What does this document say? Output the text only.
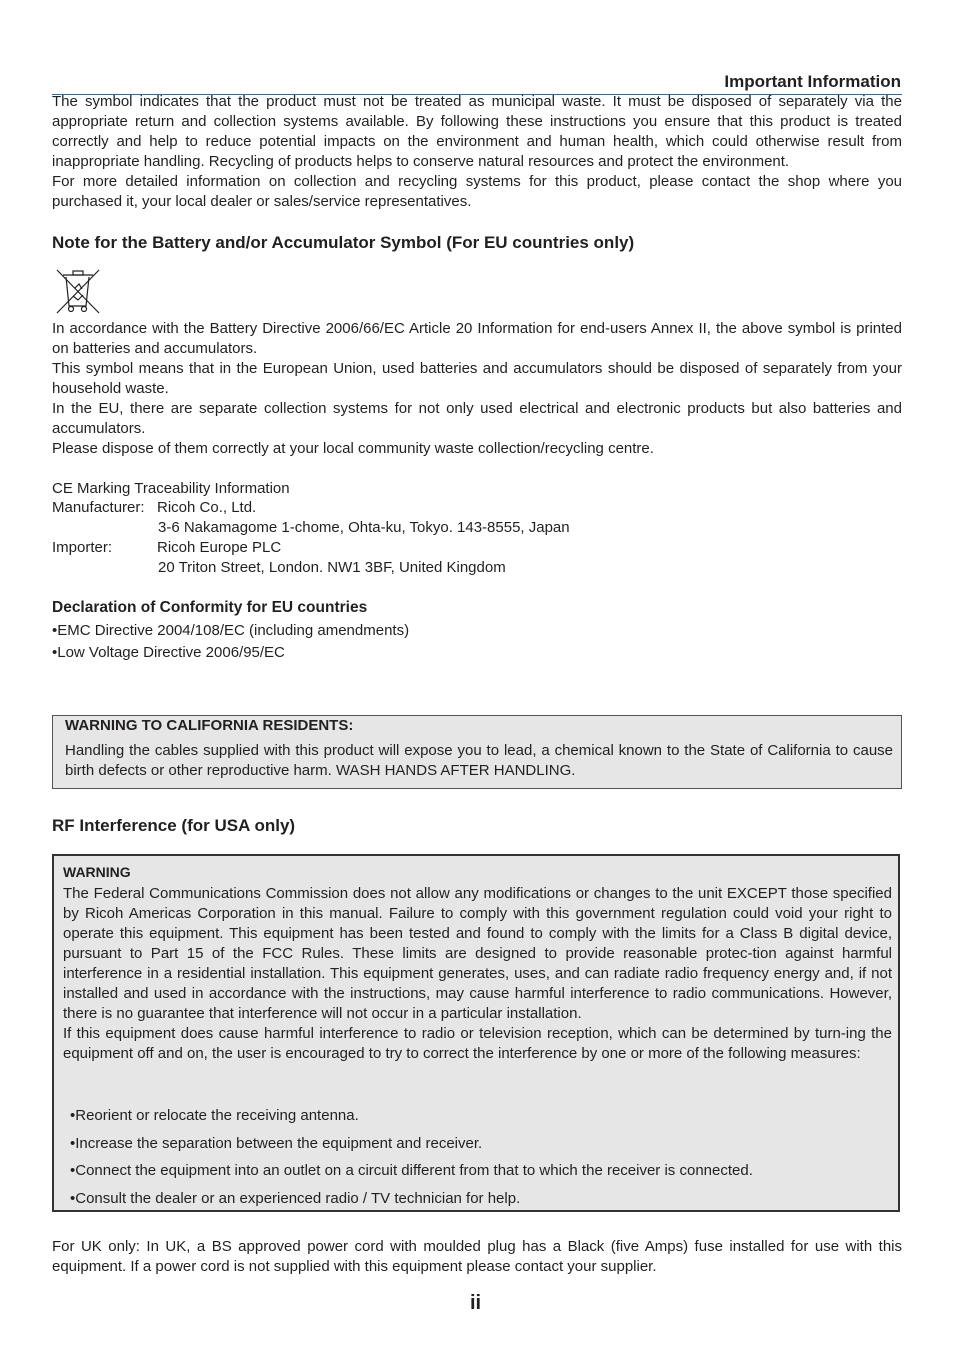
Important Information

The symbol indicates that the product must not be treated as municipal waste. It must be disposed of separately via the appropriate return and collection systems available. By following these instructions you ensure that this product is treated correctly and help to reduce potential impacts on the environment and human health, which could otherwise result from inappropriate handling. Recycling of products helps to conserve natural resources and protect the environment.

For more detailed information on collection and recycling systems for this product, please contact the shop where you purchased it, your local dealer or sales/service representatives.

Note for the Battery and/or Accumulator Symbol (For EU countries only)

In accordance with the Battery Directive 2006/66/EC Article 20 Information for end-users Annex II, the above symbol is printed on batteries and accumulators.

This symbol means that in the European Union, used batteries and accumulators should be disposed of separately from your household waste.

In the EU, there are separate collection systems for not only used electrical and electronic products but also batteries and accumulators.

Please dispose of them correctly at your local community waste collection/recycling centre.

CE Marking Traceability Information

Manufacturer: Ricoh Co., Ltd.

3-6 Nakamagome 1-chome, Ohta-ku, Tokyo. 143-8555, Japan

Importer:	Ricoh Europe PLC

20 Triton Street, London. NW1 3BF, United Kingdom

Declaration of Conformity for EU countries

•EMC Directive 2004/108/EC (including amendments)

•Low Voltage Directive 2006/95/EC

WARNING TO CALIFORNIA RESIDENTS:

Handling the cables supplied with this product will expose you to lead, a chemical known to the State of California to cause birth defects or other reproductive harm. WASH HANDS AFTER HANDLING.

RF Interference (for USA only)
WARNING

The Federal Communications Commission does not allow any modifications or changes to the unit EXCEPT those specified by Ricoh Americas Corporation in this manual. Failure to comply with this government regulation could void your right to operate this equipment. This equipment has been tested and found to comply with the limits for a Class B digital device, pursuant to Part 15 of the FCC Rules. These limits are designed to provide reasonable protec-tion against harmful interference in a residential installation. This equipment generates, uses, and can radiate radio frequency energy and, if not installed and used in accordance with the instructions, may cause harmful interference to radio communications. However, there is no guarantee that interference will not occur in a particular installation.

If this equipment does cause harmful interference to radio or television reception, which can be determined by turn-ing the equipment off and on, the user is encouraged to try to correct the interference by one or more of the following measures:

•Reorient or relocate the receiving antenna.

•Increase the separation between the equipment and receiver.

•Connect the equipment into an outlet on a circuit different from that to which the receiver is connected.

•Consult the dealer or an experienced radio / TV technician for help.

For UK only: In UK, a BS approved power cord with moulded plug has a Black (five Amps) fuse installed for use with this equipment. If a power cord is not supplied with this equipment please contact your supplier.

ii
